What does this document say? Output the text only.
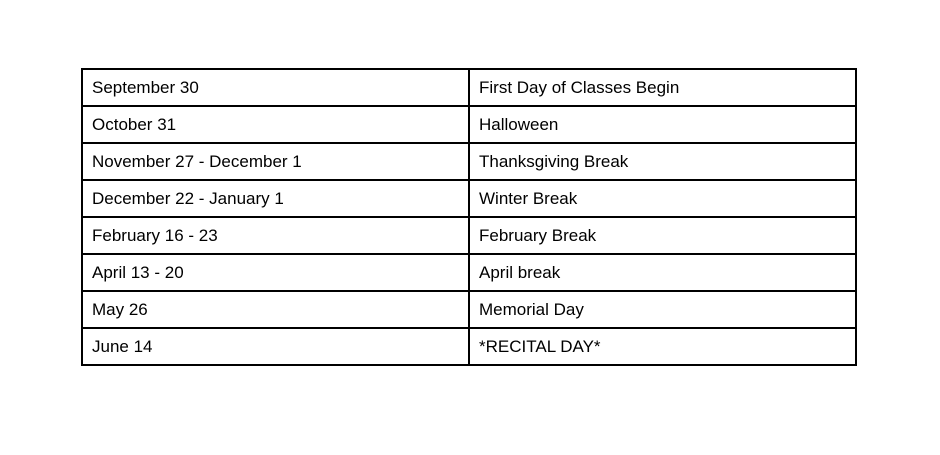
September 30	First Day of Classes Begin
October 31	Halloween
November 27 - December 1	Thanksgiving Break
December 22 - January 1	Winter Break
February 16 - 23	February Break
April 13 - 20	April break
May 26	Memorial Day
June 14	*RECITAL DAY*
